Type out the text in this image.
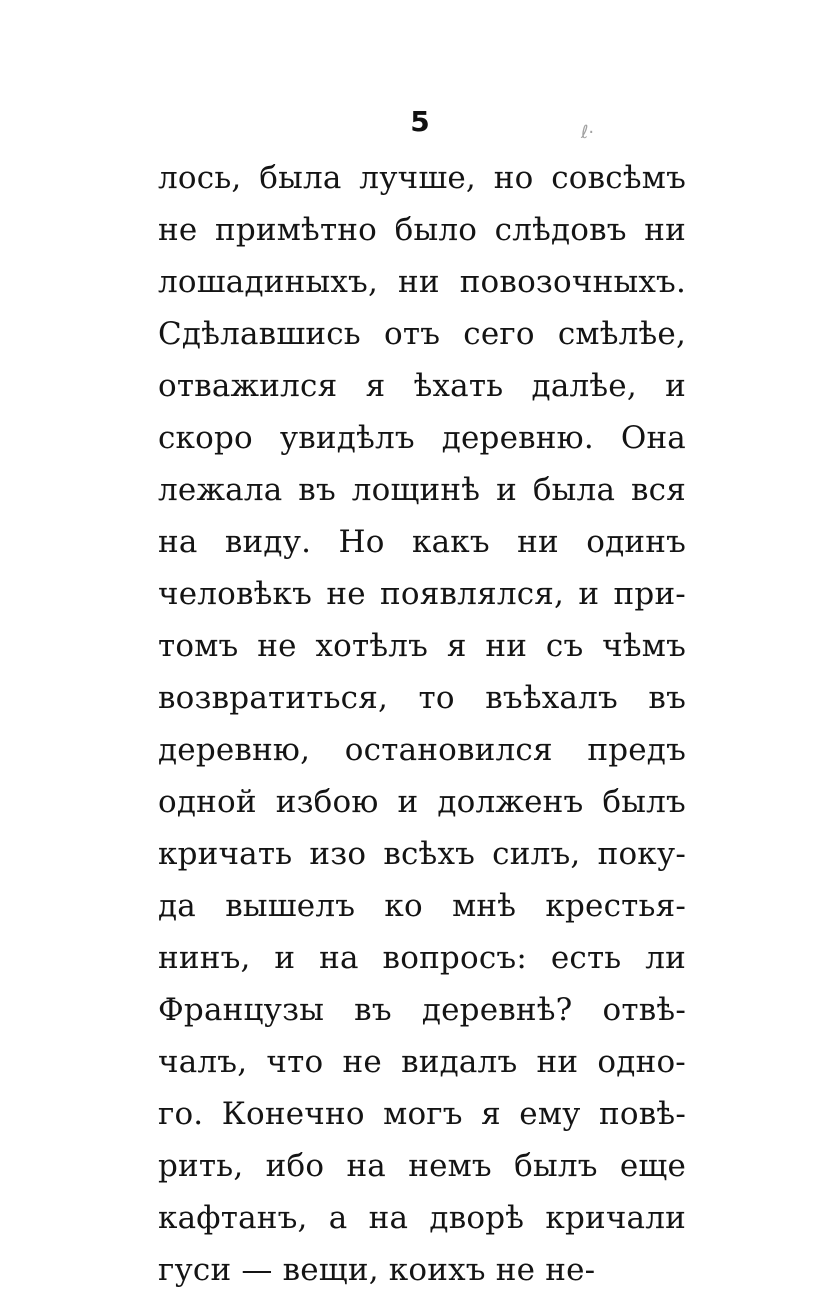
5	ℓ·
лось, была лучше, но совсѣмъ
не примѣтно было слѣдовъ ни
лошадиныхъ, ни повозочныхъ.
Сдѣлавшись отъ сего смѣлѣе,
отважился я ѣхать далѣе, и
скоро увидѣлъ деревню. Она
лежала въ лощинѣ и была вся
на виду. Но какъ ни одинъ
человѣкъ не появлялся, и при-
томъ не хотѣлъ я ни съ чѣмъ
возвратиться, то въѣхалъ въ
деревню, остановился предъ
одной избою и долженъ былъ
кричать изо всѣхъ силъ, поку-
да вышелъ ко мнѣ крестья-
нинъ, и на вопросъ: есть ли
Французы въ деревнѣ? отвѣ-
чалъ, что не видалъ ни одно-
го. Конечно могъ я ему повѣ-
рить, ибо на немъ былъ еще
кафтанъ, а на дворѣ кричали
гуси — вещи, коихъ не не-
